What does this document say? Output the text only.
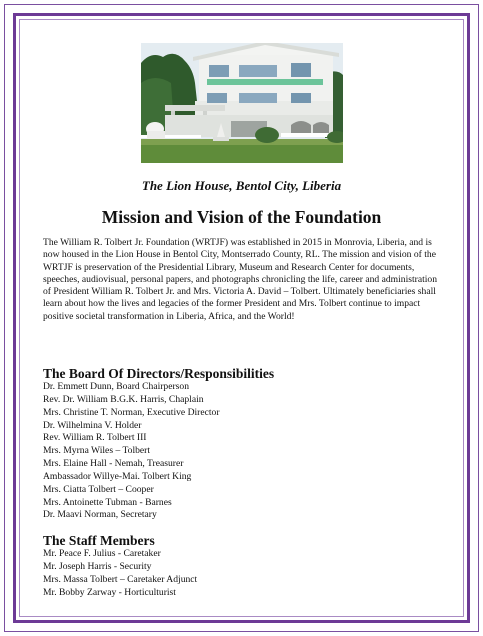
The Lion House, Bentol City, Liberia
Mission and Vision of the Foundation

The William R. Tolbert Jr. Foundation (WRTJF) was established in 2015 in Monrovia, Liberia, and is now housed in the Lion House in Bentol City, Montserrado County, RL. The mission and vision of the WRTJF is preservation of the Presidential Library, Museum and Research Center for documents, speeches, audiovisual, personal papers, and photographs chronicling the life, career and administration of President William R. Tolbert Jr. and Mrs. Victoria A. David – Tolbert. Ultimately beneficiaries shall learn about how the lives and legacies of the former President and Mrs. Tolbert continue to impact positive societal transformation in Liberia, Africa, and the World!

The Board Of Directors/Responsibilities
Dr. Emmett Dunn, Board Chairperson
Rev. Dr. William B.G.K. Harris, Chaplain
Mrs. Christine T. Norman, Executive Director
Dr. Wilhelmina V. Holder
Rev. William R. Tolbert III
Mrs. Myrna Wiles – Tolbert
Mrs. Elaine Hall - Nemah, Treasurer
Ambassador Willye-Mai. Tolbert King
Mrs. Ciatta Tolbert – Cooper
Mrs. Antoinette Tubman - Barnes
Dr. Maavi Norman, Secretary
The Staff Members
Mr. Peace F. Julius - Caretaker
Mr. Joseph Harris - Security
Mrs. Massa Tolbert – Caretaker Adjunct
Mr. Bobby Zarway - Horticulturist
